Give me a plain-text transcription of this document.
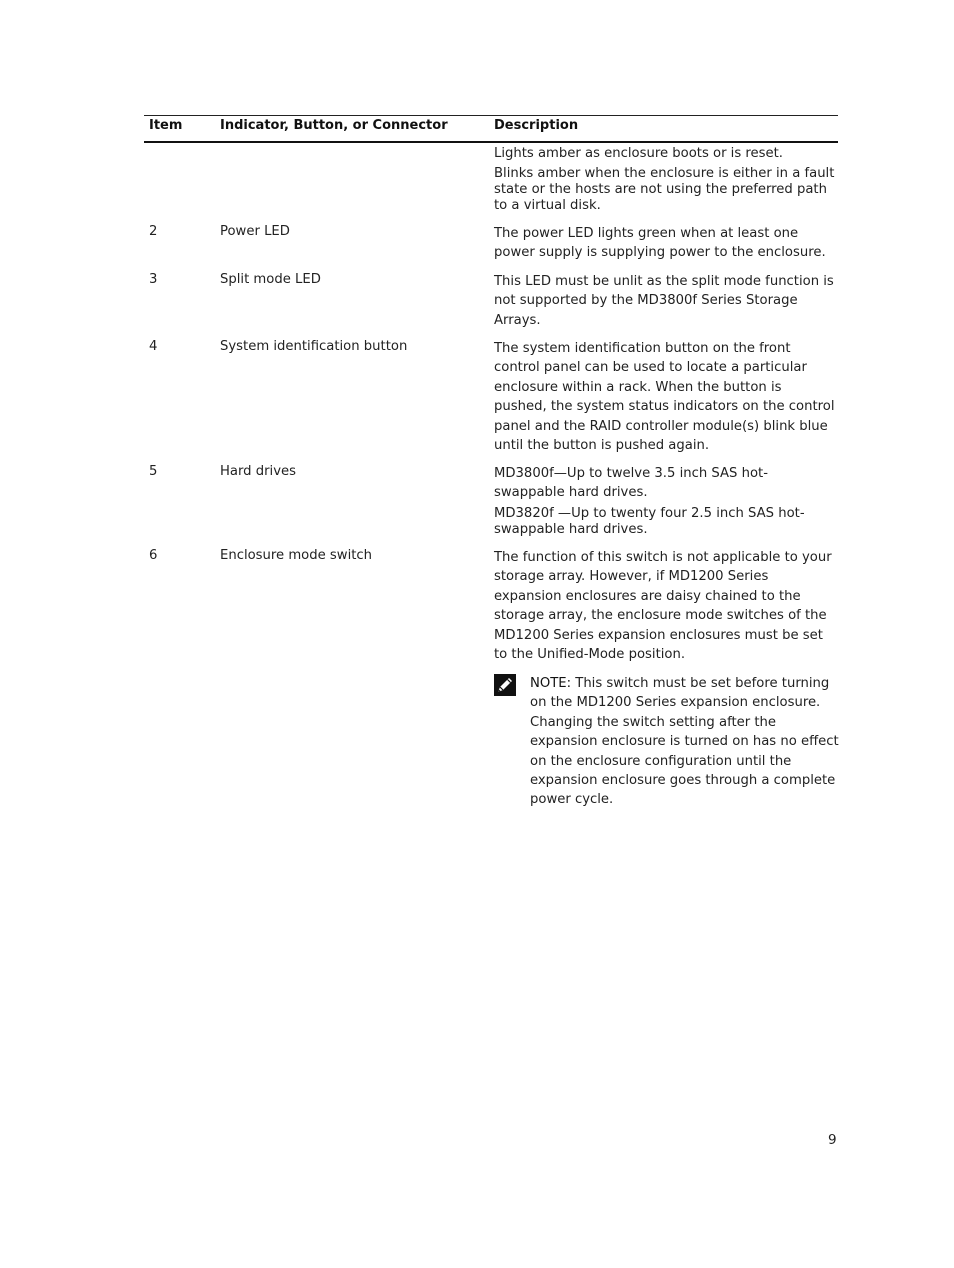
Item	Indicator, Button, or Connector	Description
Lights amber as enclosure boots or is reset.
Blinks amber when the enclosure is either in a fault state or the hosts are not using the preferred path to a virtual disk.
2	Power LED	The power LED lights green when at least one power supply is supplying power to the enclosure.
3	Split mode LED	This LED must be unlit as the split mode function is not supported by the MD3800f Series Storage Arrays.
4	System identification button	The system identification button on the front control panel can be used to locate a particular enclosure within a rack. When the button is pushed, the system status indicators on the control panel and the RAID controller module(s) blink blue until the button is pushed again.
5	Hard drives	MD3800f—Up to twelve 3.5 inch SAS hot-swappable hard drives.
MD3820f —Up to twenty four 2.5 inch SAS hot-swappable hard drives.
6	Enclosure mode switch	The function of this switch is not applicable to your storage array. However, if MD1200 Series expansion enclosures are daisy chained to the storage array, the enclosure mode switches of the MD1200 Series expansion enclosures must be set to the Unified-Mode position.
NOTE: This switch must be set before turning on the MD1200 Series expansion enclosure. Changing the switch setting after the expansion enclosure is turned on has no effect on the enclosure configuration until the expansion enclosure goes through a complete power cycle.
9
